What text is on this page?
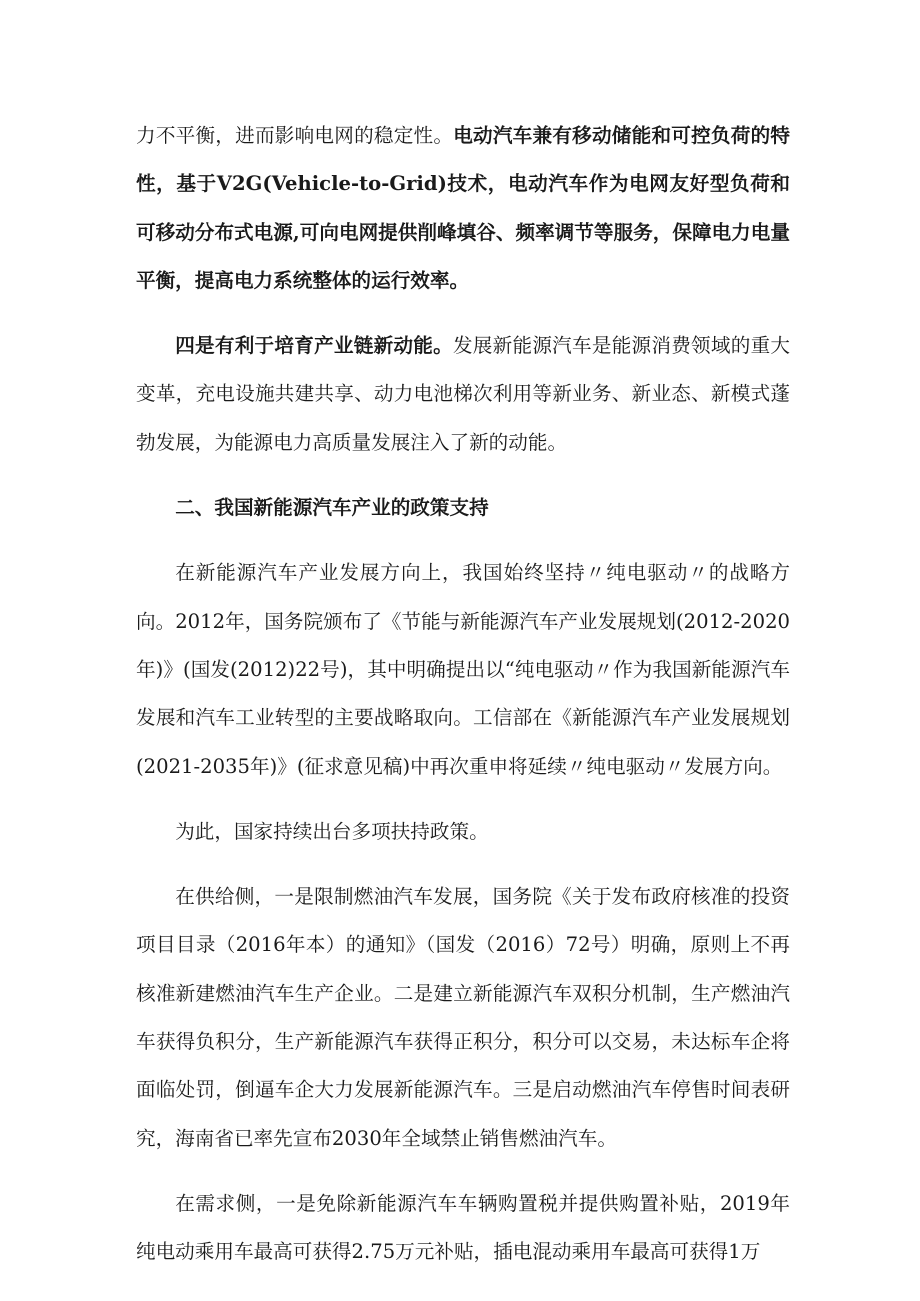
力不平衡，进而影响电网的稳定性。电动汽车兼有移动储能和可控负荷的特性，基于V2G(Vehicle-to-Grid)技术，电动汽车作为电网友好型负荷和可移动分布式电源,可向电网提供削峰填谷、频率调节等服务，保障电力电量平衡，提高电力系统整体的运行效率。

四是有利于培育产业链新动能。发展新能源汽车是能源消费领域的重大变革，充电设施共建共享、动力电池梯次利用等新业务、新业态、新模式蓬勃发展，为能源电力高质量发展注入了新的动能。

二、我国新能源汽车产业的政策支持

在新能源汽车产业发展方向上，我国始终坚持〃纯电驱动〃的战略方向。2012年，国务院颁布了《节能与新能源汽车产业发展规划(2012-2020年)》(国发(2012)22号)，其中明确提出以“纯电驱动〃作为我国新能源汽车发展和汽车工业转型的主要战略取向。工信部在《新能源汽车产业发展规划(2021-2035年)》(征求意见稿)中再次重申将延续〃纯电驱动〃发展方向。

为此，国家持续出台多项扶持政策。

在供给侧，一是限制燃油汽车发展，国务院《关于发布政府核准的投资项目目录（2016年本）的通知》（国发（2016）72号）明确，原则上不再核准新建燃油汽车生产企业。二是建立新能源汽车双积分机制，生产燃油汽车获得负积分，生产新能源汽车获得正积分，积分可以交易，未达标车企将面临处罚，倒逼车企大力发展新能源汽车。三是启动燃油汽车停售时间表研究，海南省已率先宣布2030年全域禁止销售燃油汽车。

在需求侧，一是免除新能源汽车车辆购置税并提供购置补贴，2019年纯电动乘用车最高可获得2.75万元补贴，插电混动乘用车最高可获得1万
